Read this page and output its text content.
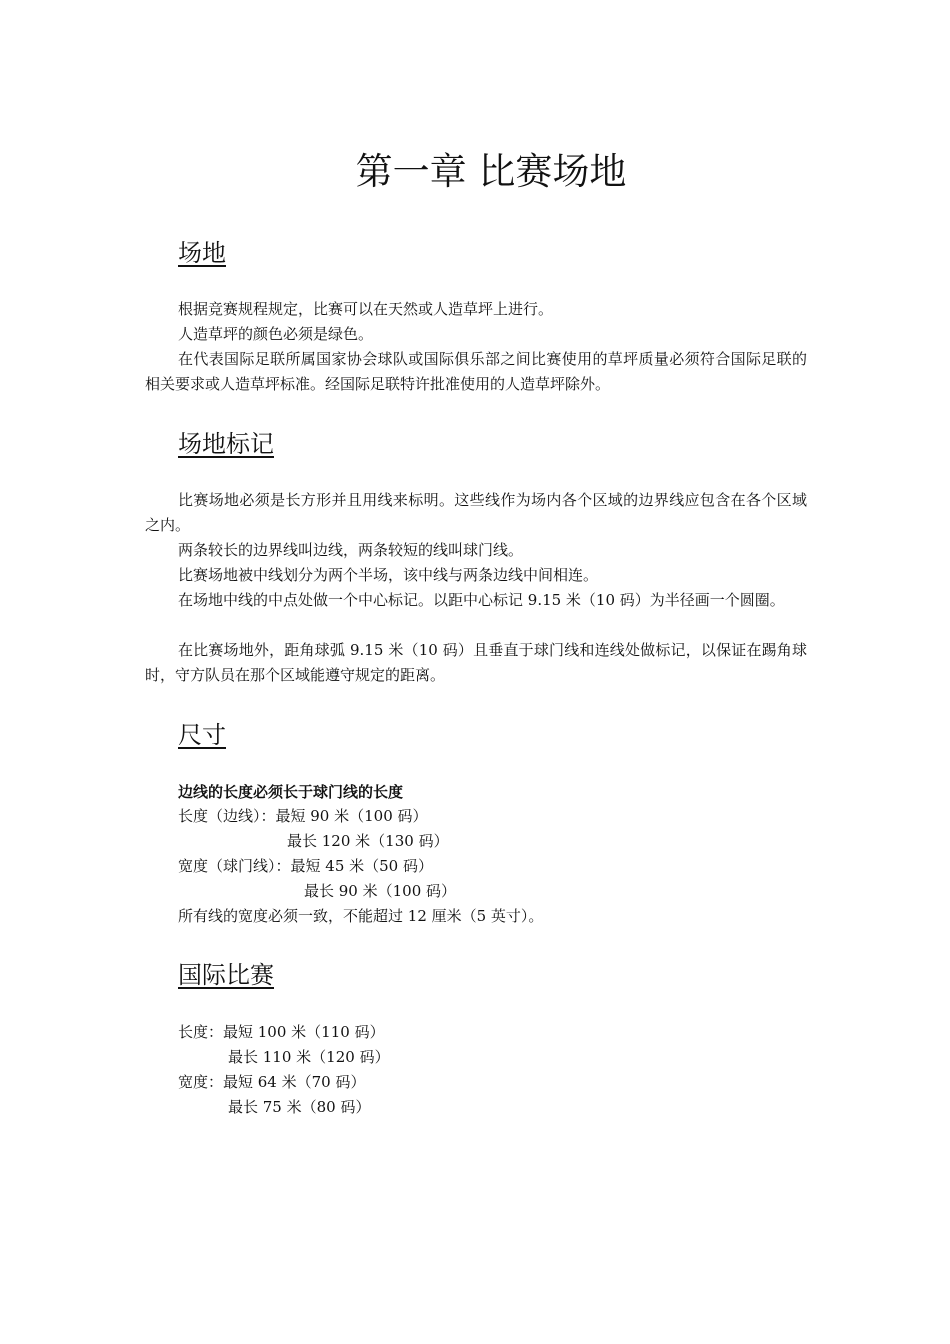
第一章 比赛场地
场地

根据竞赛规程规定，比赛可以在天然或人造草坪上进行。

人造草坪的颜色必须是绿色。

在代表国际足联所属国家协会球队或国际俱乐部之间比赛使用的草坪质量必须符合国际足联的相关要求或人造草坪标准。经国际足联特许批准使用的人造草坪除外。

场地标记

比赛场地必须是长方形并且用线来标明。这些线作为场内各个区域的边界线应包含在各个区域之内。

两条较长的边界线叫边线，两条较短的线叫球门线。

比赛场地被中线划分为两个半场，该中线与两条边线中间相连。

在场地中线的中点处做一个中心标记。以距中心标记 9.15 米（10 码）为半径画一个圆圈。

在比赛场地外，距角球弧 9.15 米（10 码）且垂直于球门线和连线处做标记，以保证在踢角球时，守方队员在那个区域能遵守规定的距离。

尺寸

边线的长度必须长于球门线的长度

长度（边线）：最短 90 米（100 码）

最长 120 米（130 码）

宽度（球门线）：最短 45 米（50 码）

最长 90 米（100 码）

所有线的宽度必须一致，不能超过 12 厘米（5 英寸）。

国际比赛

长度：最短 100 米（110 码）

最长 110 米（120 码）

宽度：最短 64 米（70 码）

最长 75 米（80 码）
